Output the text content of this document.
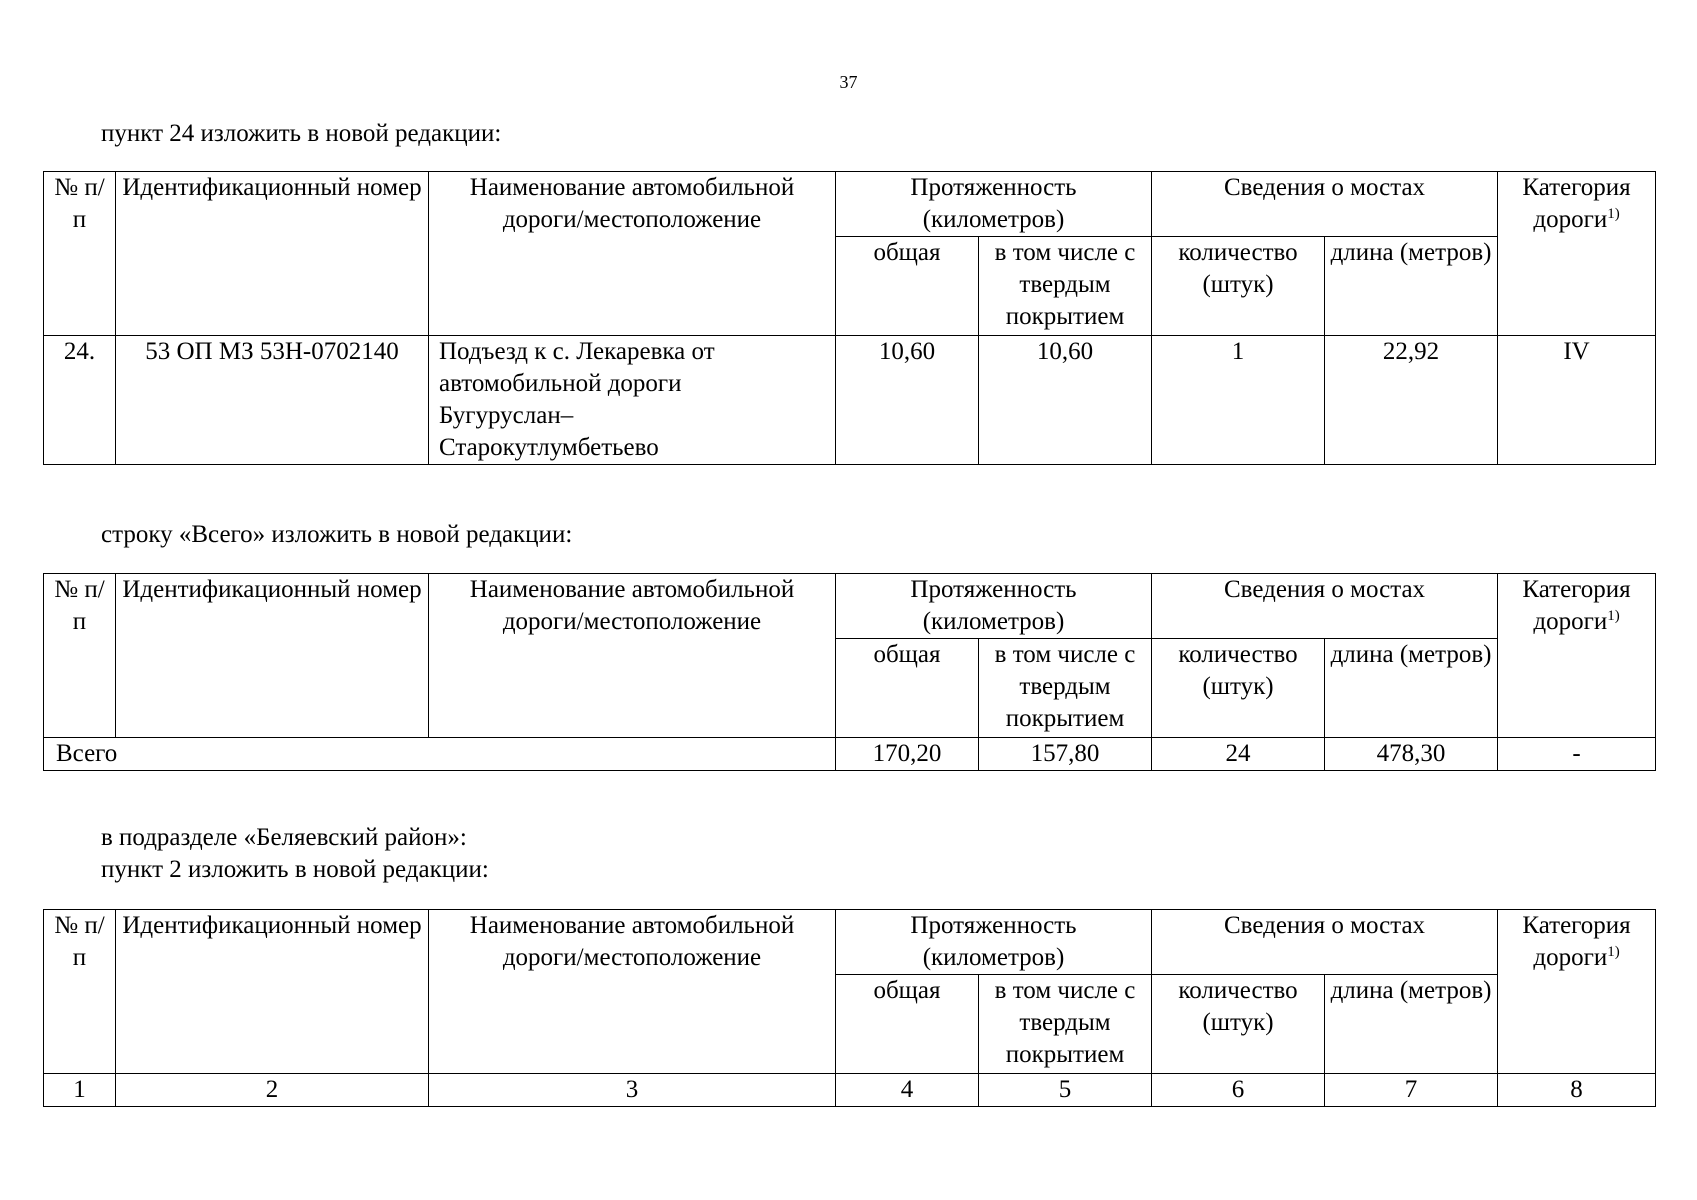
37
пункт 24 изложить в новой редакции:
№ п/п	Идентификационный номер	Наименование автомобильной дороги/местоположение	Протяженность (километров)		Сведения о мостах		Категория дороги$^{1)}$
			общая	в том числе с твердым покрытием	количество (штук)	длина (метров)	
24.	53 ОП МЗ 53Н-0702140	Подъезд к с. Лекаревка от
автомобильной дороги
Бугуруслан–
Старокутлумбетьево	10,60	10,60	1	22,92	IV
строку «Всего» изложить в новой редакции:
№ п/п	Идентификационный номер	Наименование автомобильной дороги/местоположение	Протяженность (километров)		Сведения о мостах		Категория дороги$^{1)}$
			общая	в том числе с твердым покрытием	количество (штук)	длина (метров)	
Всего			170,20	157,80	24	478,30	-
в подразделе «Беляевский район»:
пункт 2 изложить в новой редакции:
№ п/п	Идентификационный номер	Наименование автомобильной дороги/местоположение	Протяженность (километров)		Сведения о мостах		Категория дороги$^{1)}$
			общая	в том числе с твердым покрытием	количество (штук)	длина (метров)	
1	2	3	4	5	6	7	8
